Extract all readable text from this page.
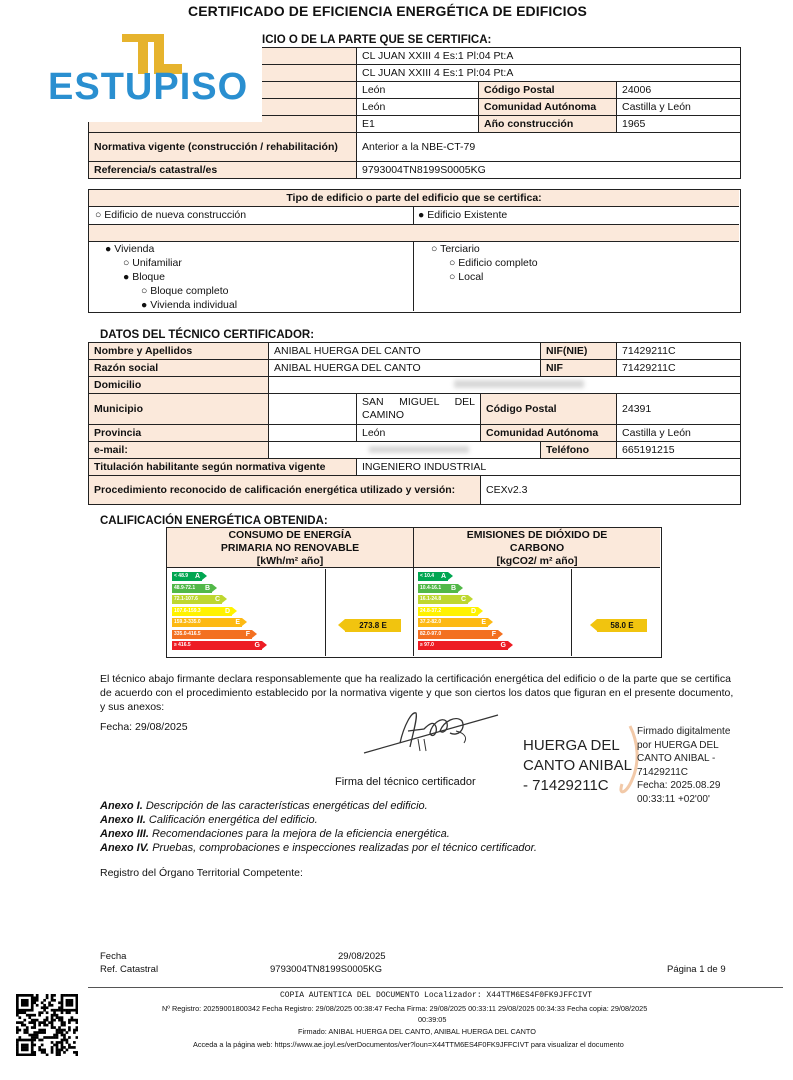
CERTIFICADO DE EFICIENCIA ENERGÉTICA DE EDIFICIOS
ICIO O DE LA PARTE QUE SE CERTIFICA:
	CL JUAN XXIII 4 Es:1 Pl:04 Pt:A		
	CL JUAN XXIII 4 Es:1 Pl:04 Pt:A		
	León	Código Postal	24006
	León	Comunidad Autónoma	Castilla y León
	E1	Año construcción	1965
Normativa vigente (construcción / rehabilitación)	Anterior a la NBE-CT-79		
Referencia/s catastral/es	9793004TN8199S0005KG		
ESTUPISO
Tipo de edificio o parte del edificio que se certifica:
○ Edificio de nueva construcción	● Edificio Existente
● Vivienda
○ Unifamiliar
● Bloque
○ Bloque completo
● Vivienda individual
○ Terciario
○ Edificio completo
○ Local
DATOS DEL TÉCNICO CERTIFICADOR:
Nombre y Apellidos	ANIBAL HUERGA DEL CANTO			NIF(NIE)	71429211C
Razón social	ANIBAL HUERGA DEL CANTO			NIF	71429211C
Domicilio					
Municipio		SAN MIGUEL DEL CAMINO	Código Postal		24391
Provincia		León	Comunidad Autónoma		Castilla y León
e-mail:				Teléfono	665191215
Titulación habilitante según normativa vigente		INGENIERO INDUSTRIAL			
Procedimiento reconocido de calificación energética utilizado y versión:			CEXv2.3		
CALIFICACIÓN ENERGÉTICA OBTENIDA:
CONSUMO DE ENERGÍA
PRIMARIA NO RENOVABLE
[kWh/m² año]
EMISIONES DE DIÓXIDO DE
CARBONO
[kgCO2/ m² año]
< 48.9 A
48.9-72.1 B
72.1-107.6 C
107.6-159.3	D
159.3-335.0	E
335.0-416.5	F
≥ 416.5	G
< 10.4 A
10.4-16.1 B
16.1-24.8	C
24.8-37.2	D
37.2-82.0	E
82.0-97.0	F
≥ 97.0	G
273.8 E	58.0 E
El técnico abajo firmante declara responsablemente que ha realizado la certificación energética del edificio o de la parte que se certifica de acuerdo con el procedimiento establecido por la normativa vigente y que son ciertos los datos que figuran en el presente documento, y sus anexos:
Fecha: 29/08/2025
Firma del técnico certificador
HUERGA DEL
CANTO ANIBAL
- 71429211C
Firmado digitalmente
por HUERGA DEL
CANTO ANIBAL -
71429211C
Fecha: 2025.08.29
00:33:11 +02'00'
Anexo I. Descripción de las características energéticas del edificio.
Anexo II. Calificación energética del edificio.
Anexo III. Recomendaciones para la mejora de la eficiencia energética.
Anexo IV. Pruebas, comprobaciones e inspecciones realizadas por el técnico certificador.
Registro del Órgano Territorial Competente:
Fecha	29/08/2025
Ref. Catastral	9793004TN8199S0005KG	Página 1 de 9
COPIA AUTENTICA DEL DOCUMENTO Localizador: X44TTM6ES4F0FK9JFFCIVT
Nº Registro: 20259001800342 Fecha Registro: 29/08/2025 00:38:47 Fecha Firma: 29/08/2025 00:33:11 29/08/2025 00:34:33 Fecha copia: 29/08/2025
00:39:05
Firmado: ANIBAL HUERGA DEL CANTO, ANIBAL HUERGA DEL CANTO
Acceda a la página web: https://www.ae.joyl.es/verDocumentos/ver?loun=X44TTM6ES4F0FK9JFFCIVT para visualizar el documento
